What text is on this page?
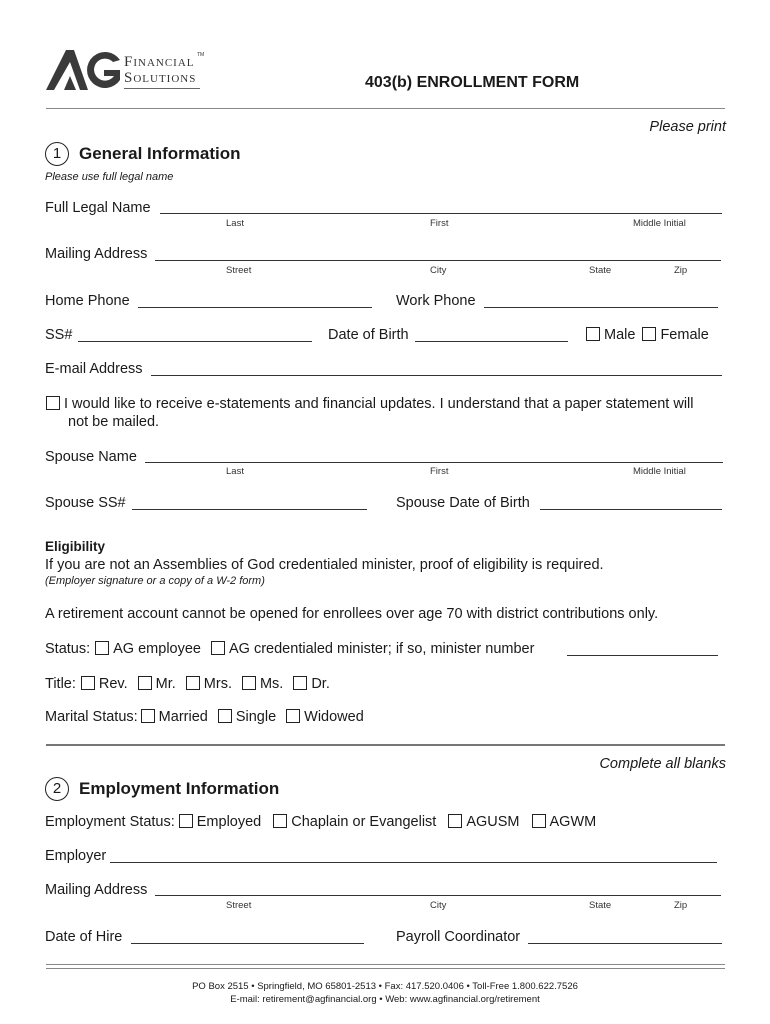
Financial TM
Solutions	403(b) ENROLLMENT FORM
Please print
1 General Information
Please use full legal name
Full Legal Name
Last	First	Middle Initial
Mailing Address
Street	City	State	Zip
Home Phone	Work Phone
SS#	Date of Birth	Male Female
E-mail Address
I would like to receive e-statements and financial updates. I understand that a paper statement will
not be mailed.
Spouse Name
Last	First	Middle Initial
Spouse SS#	Spouse Date of Birth
Eligibility
If you are not an Assemblies of God credentialed minister, proof of eligibility is required.
(Employer signature or a copy of a W-2 form)
A retirement account cannot be opened for enrollees over age 70 with district contributions only.
Status: AG employee AG credentialed minister; if so, minister number
Title: Rev. Mr. Mrs. Ms. Dr.
Marital Status: Married Single Widowed
Complete all blanks
2 Employment Information
Employment Status: Employed Chaplain or Evangelist AGUSM AGWM
Employer
Mailing Address
Street	City	State	Zip
Date of Hire	Payroll Coordinator
PO Box 2515 • Springfield, MO 65801-2513 • Fax: 417.520.0406 • Toll-Free 1.800.622.7526
E-mail: retirement@agfinancial.org • Web: www.agfinancial.org/retirement
